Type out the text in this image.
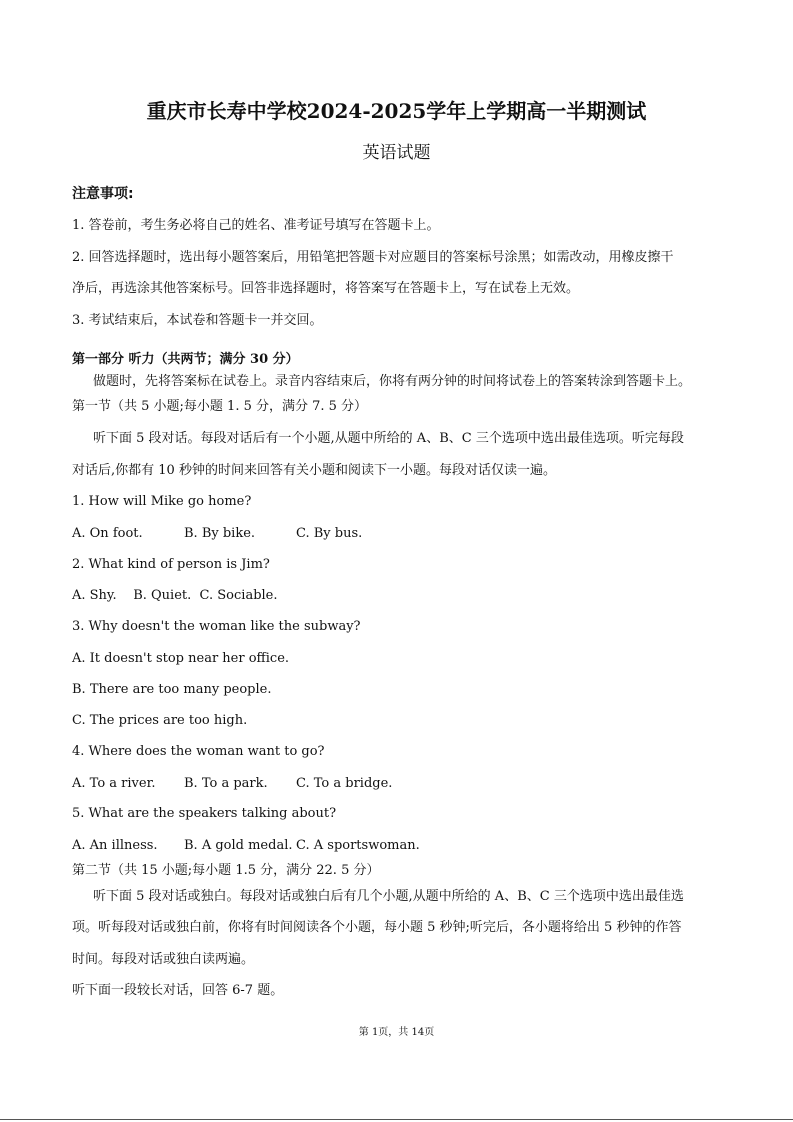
重庆市长寿中学校2024-2025学年上学期高一半期测试
英语试题
注意事项:
1. 答卷前，考生务必将自己的姓名、准考证号填写在答题卡上。
2. 回答选择题时，选出每小题答案后，用铅笔把答题卡对应题目的答案标号涂黑；如需改动，用橡皮擦干
净后，再选涂其他答案标号。回答非选择题时，将答案写在答题卡上，写在试卷上无效。
3. 考试结束后，本试卷和答题卡一并交回。
第一部分 听力（共两节；满分 30 分）
做题时，先将答案标在试卷上。录音内容结束后，你将有两分钟的时间将试卷上的答案转涂到答题卡上。
第一节（共 5 小题;每小题 1. 5 分，满分 7. 5 分）
听下面 5 段对话。每段对话后有一个小题,从题中所给的 A、B、C 三个选项中选出最佳选项。听完每段
对话后,你都有 10 秒钟的时间来回答有关小题和阅读下一小题。每段对话仅读一遍。
1. How will Mike go home?
A. On foot.	B. By bike.	C. By bus.
2. What kind of person is Jim?
A. Shy.    B. Quiet.  C. Sociable.
3. Why doesn't the woman like the subway?
A. It doesn't stop near her office.
B. There are too many people.
C. The prices are too high.
4. Where does the woman want to go?
A. To a river. B. To a park. C. To a bridge.
5. What are the speakers talking about?
A. An illness. B. A gold medal. C. A sportswoman.
第二节（共 15 小题;每小题 1.5 分，满分 22. 5 分）
听下面 5 段对话或独白。每段对话或独白后有几个小题,从题中所给的 A、B、C 三个选项中选出最佳选
项。听每段对话或独白前，你将有时间阅读各个小题，每小题 5 秒钟;听完后，各小题将给出 5 秒钟的作答
时间。每段对话或独白读两遍。
听下面一段较长对话，回答 6-7 题。
第 1页，共 14页
